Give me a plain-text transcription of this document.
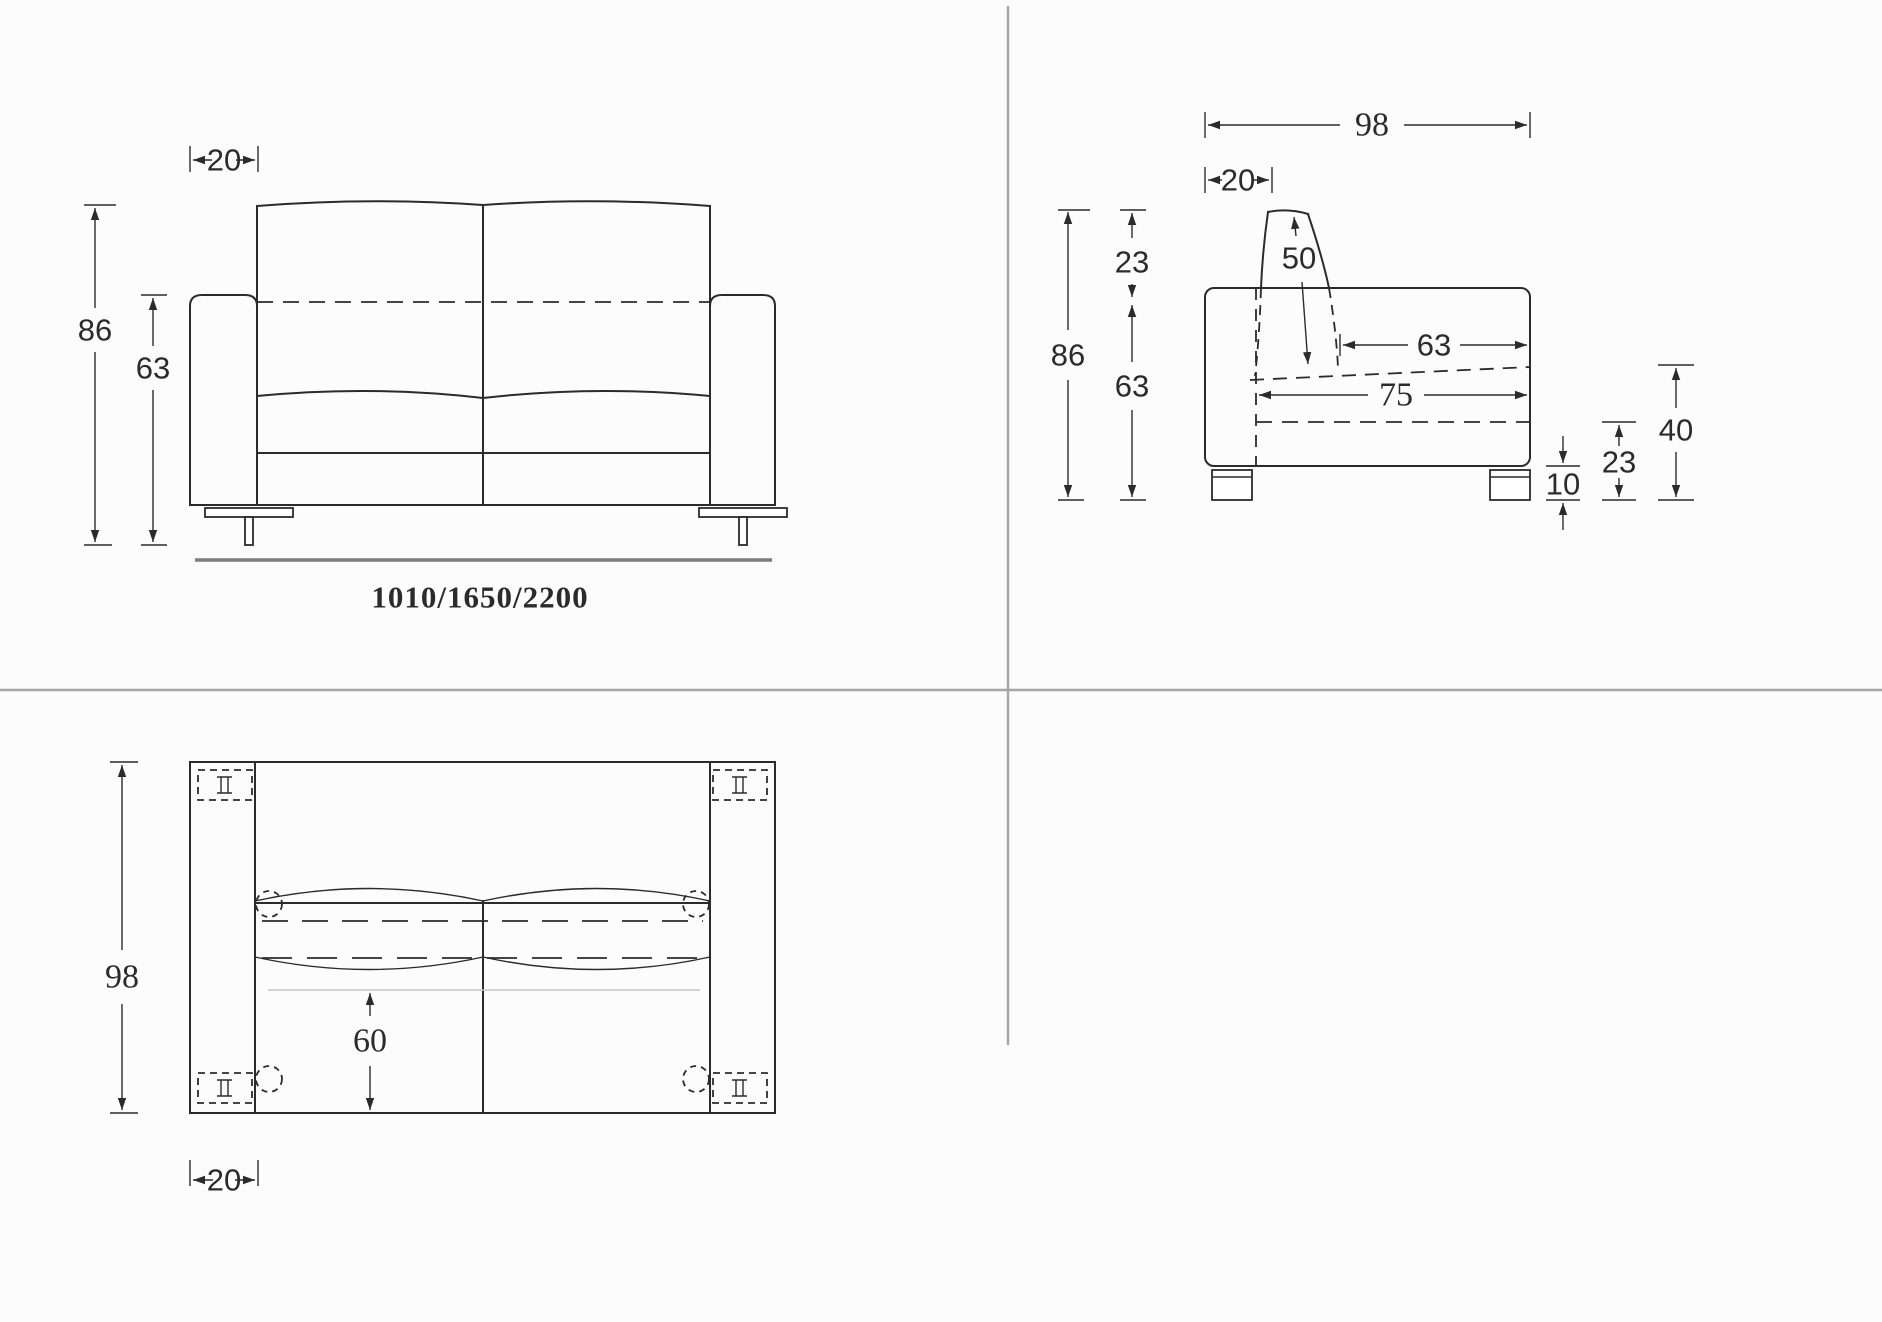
20
86
63
1010/1650/2200
98
20
86
23
63
50
63
75
10
23
40
98
60
20
